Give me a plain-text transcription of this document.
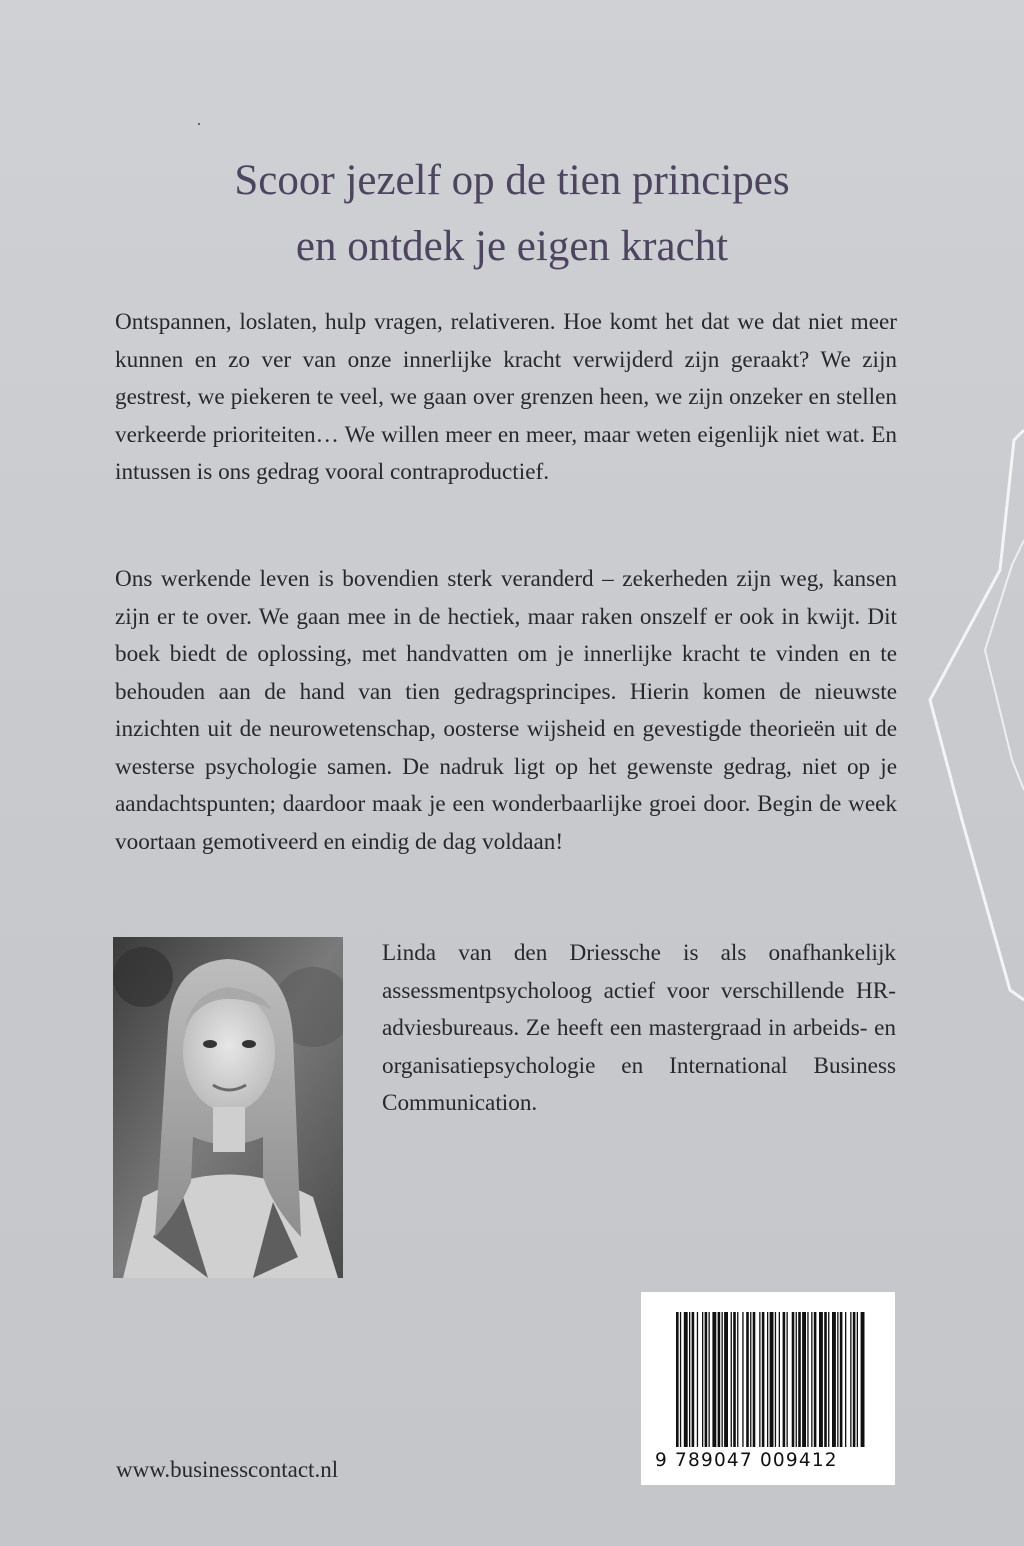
·
Scoor jezelf op de tien principes
en ontdek je eigen kracht

Ontspannen, loslaten, hulp vragen, relativeren. Hoe komt het dat we dat niet meer kunnen en zo ver van onze innerlijke kracht verwijderd zijn geraakt? We zijn gestrest, we piekeren te veel, we gaan over grenzen heen, we zijn onzeker en stellen verkeerde prioriteiten… We willen meer en meer, maar weten eigenlijk niet wat. En intussen is ons gedrag vooral contraproductief.

Ons werkende leven is bovendien sterk veranderd – zekerheden zijn weg, kansen zijn er te over. We gaan mee in de hectiek, maar raken onszelf er ook in kwijt. Dit boek biedt de oplossing, met handvatten om je innerlijke kracht te vinden en te behouden aan de hand van tien gedragsprincipes. Hierin komen de nieuwste inzichten uit de neurowetenschap, oosterse wijsheid en gevestigde theorieën uit de westerse psychologie samen. De nadruk ligt op het gewenste gedrag, niet op je aandachtspunten; daardoor maak je een wonderbaarlijke groei door. Begin de week voortaan gemotiveerd en eindig de dag voldaan!

Linda van den Driessche is als onafhankelijk assessmentpsycholoog actief voor verschillende HR-adviesbureaus. Ze heeft een mastergraad in arbeids- en organisatiepsychologie en International Business Communication.

9 789047 009412
www.businesscontact.nl
